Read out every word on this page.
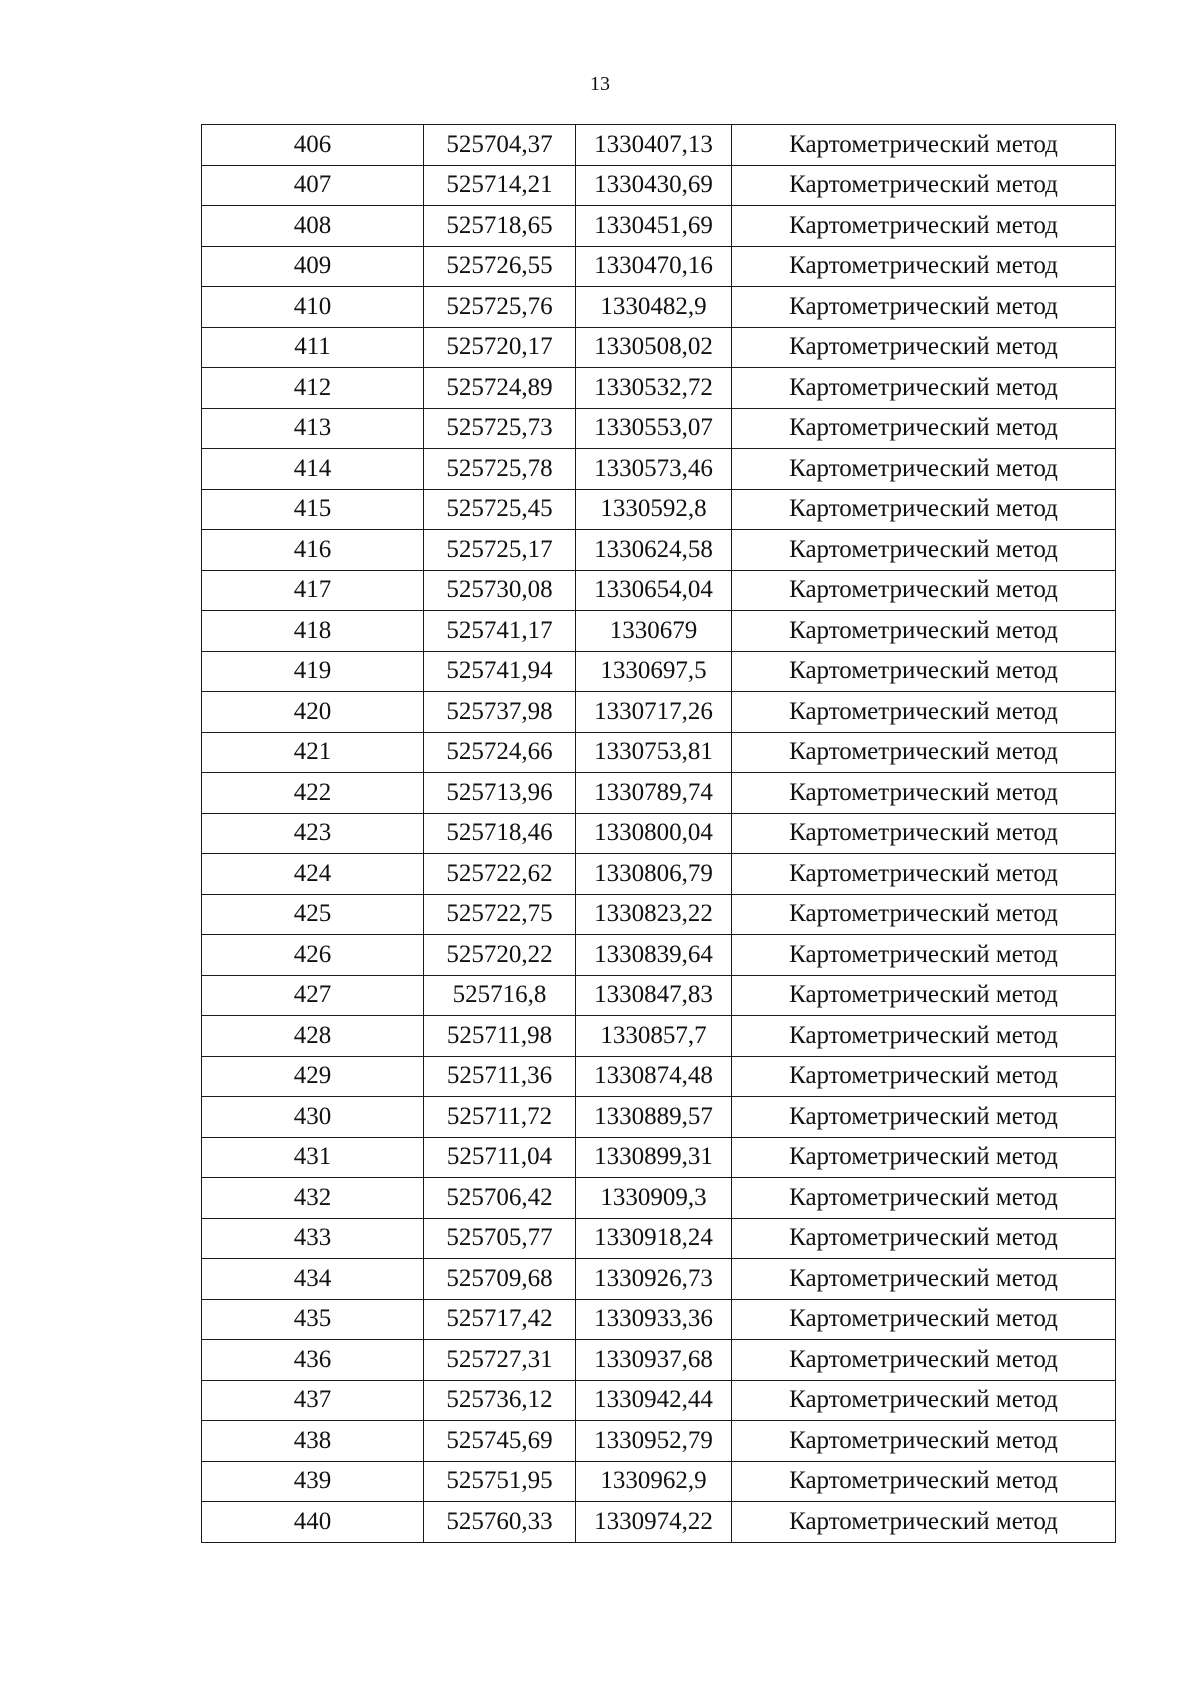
13
406	525704,37	1330407,13	Картометрический метод
407	525714,21	1330430,69	Картометрический метод
408	525718,65	1330451,69	Картометрический метод
409	525726,55	1330470,16	Картометрический метод
410	525725,76	1330482,9	Картометрический метод
411	525720,17	1330508,02	Картометрический метод
412	525724,89	1330532,72	Картометрический метод
413	525725,73	1330553,07	Картометрический метод
414	525725,78	1330573,46	Картометрический метод
415	525725,45	1330592,8	Картометрический метод
416	525725,17	1330624,58	Картометрический метод
417	525730,08	1330654,04	Картометрический метод
418	525741,17	1330679	Картометрический метод
419	525741,94	1330697,5	Картометрический метод
420	525737,98	1330717,26	Картометрический метод
421	525724,66	1330753,81	Картометрический метод
422	525713,96	1330789,74	Картометрический метод
423	525718,46	1330800,04	Картометрический метод
424	525722,62	1330806,79	Картометрический метод
425	525722,75	1330823,22	Картометрический метод
426	525720,22	1330839,64	Картометрический метод
427	525716,8	1330847,83	Картометрический метод
428	525711,98	1330857,7	Картометрический метод
429	525711,36	1330874,48	Картометрический метод
430	525711,72	1330889,57	Картометрический метод
431	525711,04	1330899,31	Картометрический метод
432	525706,42	1330909,3	Картометрический метод
433	525705,77	1330918,24	Картометрический метод
434	525709,68	1330926,73	Картометрический метод
435	525717,42	1330933,36	Картометрический метод
436	525727,31	1330937,68	Картометрический метод
437	525736,12	1330942,44	Картометрический метод
438	525745,69	1330952,79	Картометрический метод
439	525751,95	1330962,9	Картометрический метод
440	525760,33	1330974,22	Картометрический метод
